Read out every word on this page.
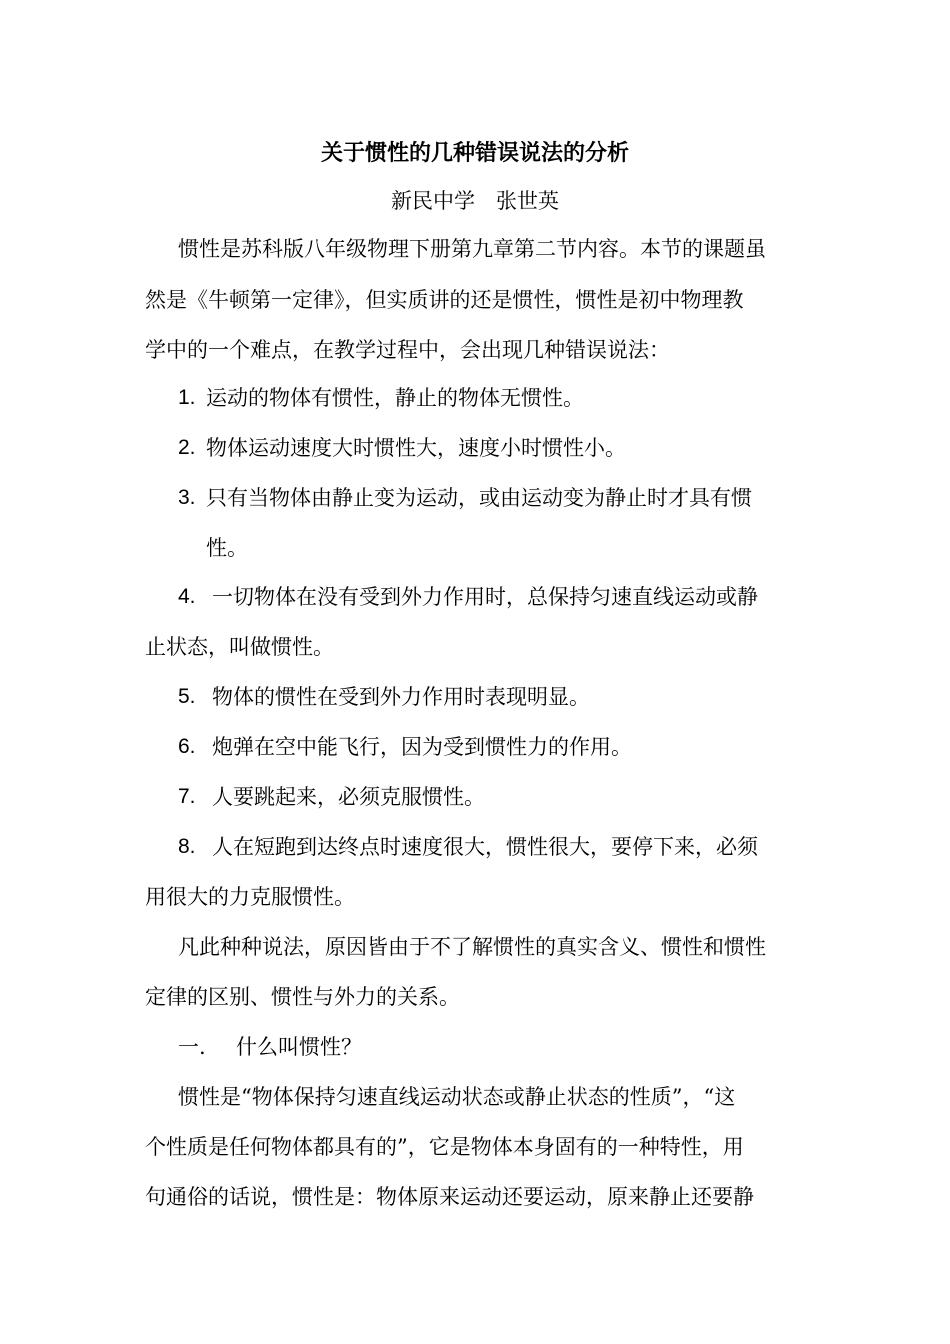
关于惯性的几种错误说法的分析
新民中学　张世英
惯性是苏科版八年级物理下册第九章第二节内容。本节的课题虽
然是《牛顿第一定律》，但实质讲的还是惯性，惯性是初中物理教
学中的一个难点，在教学过程中，会出现几种错误说法：
1. 运动的物体有惯性，静止的物体无惯性。
2. 物体运动速度大时惯性大，速度小时惯性小。
3. 只有当物体由静止变为运动，或由运动变为静止时才具有惯
性。
4. 一切物体在没有受到外力作用时，总保持匀速直线运动或静
止状态，叫做惯性。
5. 物体的惯性在受到外力作用时表现明显。
6. 炮弹在空中能飞行，因为受到惯性力的作用。
7. 人要跳起来，必须克服惯性。
8. 人在短跑到达终点时速度很大，惯性很大，要停下来，必须
用很大的力克服惯性。
凡此种种说法，原因皆由于不了解惯性的真实含义、惯性和惯性
定律的区别、惯性与外力的关系。
一. 什么叫惯性？
惯性是“物体保持匀速直线运动状态或静止状态的性质”，“这
个性质是任何物体都具有的”，它是物体本身固有的一种特性，用
句通俗的话说，惯性是：物体原来运动还要运动，原来静止还要静
